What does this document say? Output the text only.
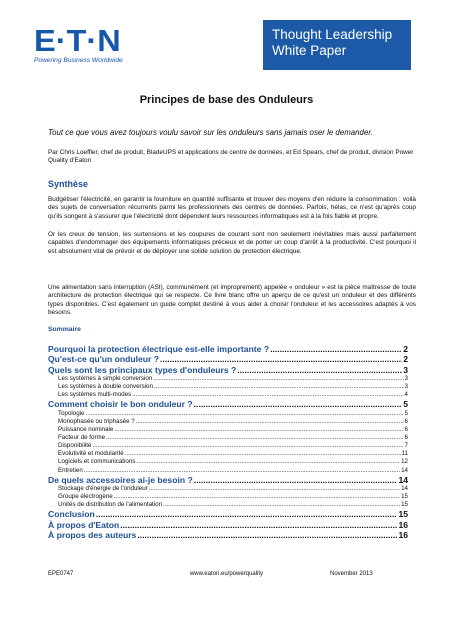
E·T·N
Powering Business Worldwide
Thought Leadership
White Paper
Principes de base des Onduleurs
Tout ce que vous avez toujours voulu savoir sur les onduleurs sans jamais oser le demander.
Par Chris Loeffler, chef de produit, BladeUPS et applications de centre de données, et Ed Spears, chef de produit, division Power Quality d'Eaton
Synthèse
Budgétiser l'électricité, en garantir la fourniture en quantité suffisante et trouver des moyens d'en réduire la consommation : voilà des sujets de conversation récurrents parmi les professionnels des centres de données. Parfois, hélas, ce n'est qu'après coup qu'ils songent à s'assurer que l'électricité dont dépendent leurs ressources informatiques est à la fois fiable et propre.
Or les creux de tension, les surtensions et les coupures de courant sont non seulement inévitables mais aussi parfaitement capables d'endommager des équipements informatiques précieux et de porter un coup d'arrêt à la productivité. C'est pourquoi il est absolument vital de prévoir et de déployer une solide solution de protection électrique.
Une alimentation sans interruption (ASI), communément (et improprement) appelée « onduleur » est la pièce maîtresse de toute architecture de protection électrique qui se respecte. Ce livre blanc offre un aperçu de ce qu'est un onduleur et des différents types disponibles. C'est également un guide complet destiné à vous aider à choisir l'onduleur et les accessoires adaptés à vos besoins.
Sommaire
Pourquoi la protection électrique est-elle importante ? .....	2
Qu'est-ce qu'un onduleur ? .....	2
Quels sont les principaux types d'onduleurs ? .....	3
Les systèmes à simple conversion .....	3
Les systèmes à double conversion .....	3
Les systèmes multi-modes .....	4
Comment choisir le bon onduleur ? .....	5
Topologie .....	5
Monophasée ou triphasée ? .....	6
Puissance nominale .....	6
Facteur de forme .....	6
Disponibilité .....	7
Évolutivité et modularité .....	11
Logiciels et communications .....	12
Entretien .....	14
De quels accessoires ai-je besoin ? .....	14
Stockage d'énergie de l'onduleur .....	14
Groupe électrogène .....	15
Unités de distribution de l'alimentation .....	15
Conclusion .....	15
À propos d'Eaton .....	16
À propos des auteurs .....	16
EPE0747	www.eaton.eu/powerquality	November 2013
